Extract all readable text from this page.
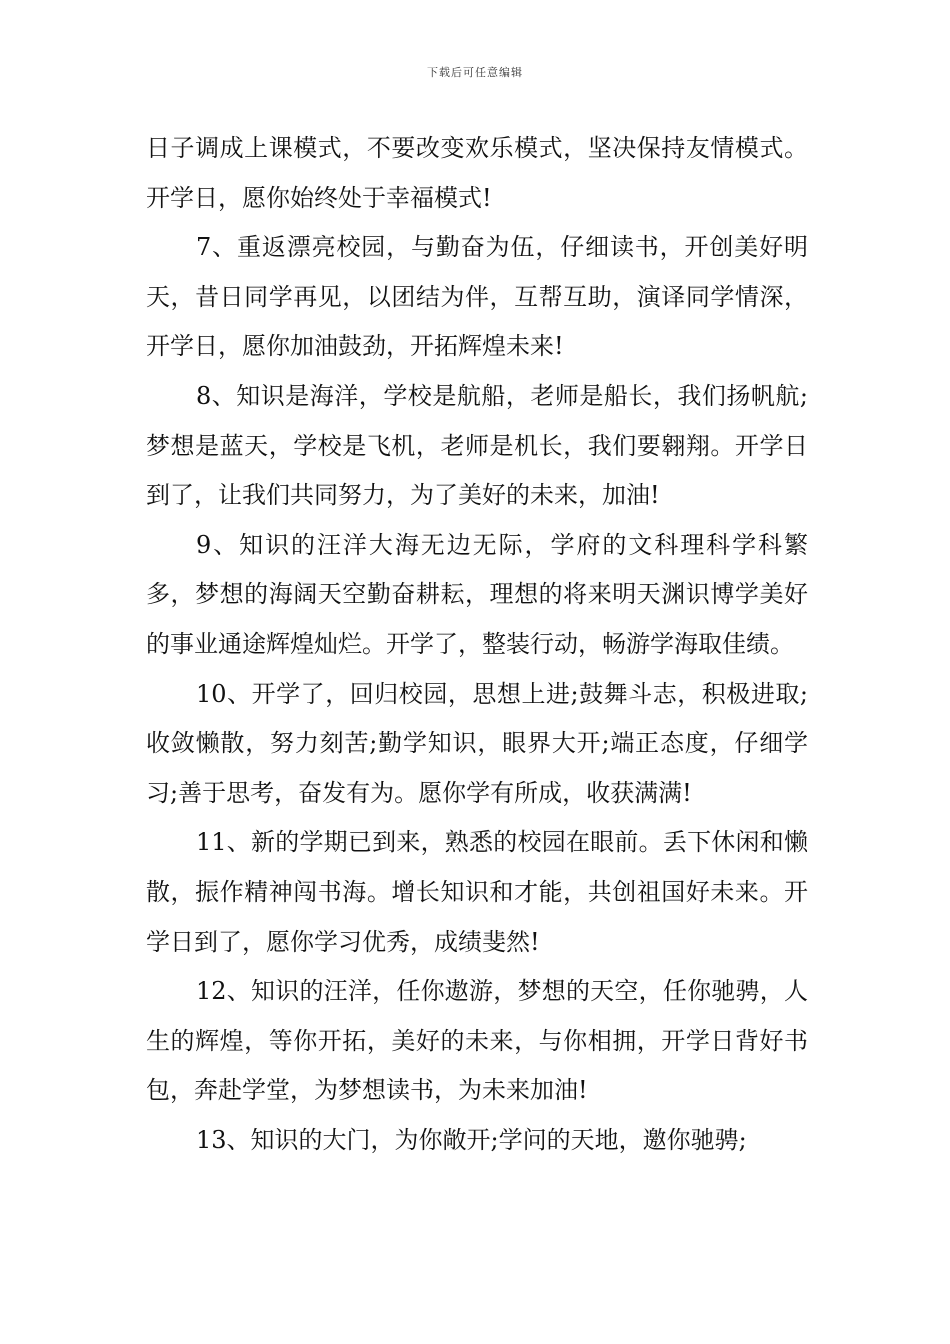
下载后可任意编辑

日子调成上课模式，不要改变欢乐模式，坚决保持友情模式。开学日，愿你始终处于幸福模式!

7、重返漂亮校园，与勤奋为伍，仔细读书，开创美好明天，昔日同学再见，以团结为伴，互帮互助，演译同学情深，开学日，愿你加油鼓劲，开拓辉煌未来!

8、知识是海洋，学校是航船，老师是船长，我们扬帆航;梦想是蓝天，学校是飞机，老师是机长，我们要翱翔。开学日到了，让我们共同努力，为了美好的未来，加油!

9、知识的汪洋大海无边无际，学府的文科理科学科繁多，梦想的海阔天空勤奋耕耘，理想的将来明天渊识博学美好的事业通途辉煌灿烂。开学了，整装行动，畅游学海取佳绩。

10、开学了，回归校园，思想上进;鼓舞斗志，积极进取;收敛懒散，努力刻苦;勤学知识，眼界大开;端正态度，仔细学习;善于思考，奋发有为。愿你学有所成，收获满满!

11、新的学期已到来，熟悉的校园在眼前。丢下休闲和懒散，振作精神闯书海。增长知识和才能，共创祖国好未来。开学日到了，愿你学习优秀，成绩斐然!

12、知识的汪洋，任你遨游，梦想的天空，任你驰骋，人生的辉煌，等你开拓，美好的未来，与你相拥，开学日背好书包，奔赴学堂，为梦想读书，为未来加油!

13、知识的大门，为你敞开;学问的天地，邀你驰骋;
